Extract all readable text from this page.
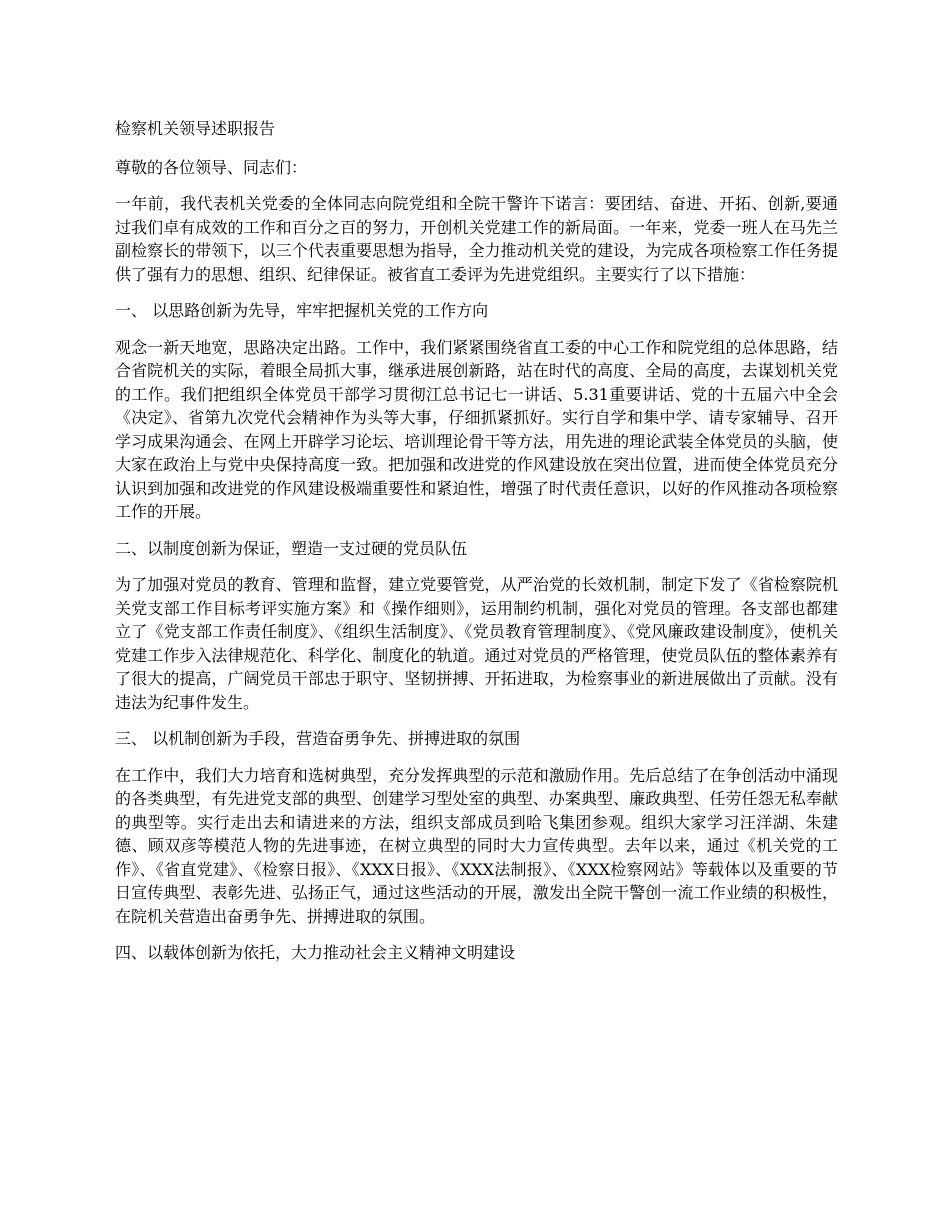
检察机关领导述职报告

尊敬的各位领导、同志们：

一年前，我代表机关党委的全体同志向院党组和全院干警许下诺言：要团结、奋进、开拓、创新,要通过我们卓有成效的工作和百分之百的努力，开创机关党建工作的新局面。一年来，党委一班人在马先兰副检察长的带领下，以三个代表重要思想为指导，全力推动机关党的建设，为完成各项检察工作任务提供了强有力的思想、组织、纪律保证。被省直工委评为先进党组织。主要实行了以下措施：

一、 以思路创新为先导，牢牢把握机关党的工作方向

观念一新天地宽，思路决定出路。工作中，我们紧紧围绕省直工委的中心工作和院党组的总体思路，结合省院机关的实际，着眼全局抓大事，继承进展创新路，站在时代的高度、全局的高度，去谋划机关党的工作。我们把组织全体党员干部学习贯彻江总书记七一讲话、5.31重要讲话、党的十五届六中全会《决定》、省第九次党代会精神作为头等大事，仔细抓紧抓好。实行自学和集中学、请专家辅导、召开学习成果沟通会、在网上开辟学习论坛、培训理论骨干等方法，用先进的理论武装全体党员的头脑，使大家在政治上与党中央保持高度一致。把加强和改进党的作风建设放在突出位置，进而使全体党员充分认识到加强和改进党的作风建设极端重要性和紧迫性，增强了时代责任意识，以好的作风推动各项检察工作的开展。

二、以制度创新为保证，塑造一支过硬的党员队伍

为了加强对党员的教育、管理和监督，建立党要管党，从严治党的长效机制，制定下发了《省检察院机关党支部工作目标考评实施方案》和《操作细则》，运用制约机制，强化对党员的管理。各支部也都建立了《党支部工作责任制度》、《组织生活制度》、《党员教育管理制度》、《党风廉政建设制度》，使机关党建工作步入法律规范化、科学化、制度化的轨道。通过对党员的严格管理，使党员队伍的整体素养有了很大的提高，广阔党员干部忠于职守、坚韧拼搏、开拓进取，为检察事业的新进展做出了贡献。没有违法为纪事件发生。

三、 以机制创新为手段，营造奋勇争先、拼搏进取的氛围

在工作中，我们大力培育和选树典型，充分发挥典型的示范和激励作用。先后总结了在争创活动中涌现的各类典型，有先进党支部的典型、创建学习型处室的典型、办案典型、廉政典型、任劳任怨无私奉献的典型等。实行走出去和请进来的方法，组织支部成员到哈飞集团参观。组织大家学习汪洋湖、朱建德、顾双彦等模范人物的先进事迹，在树立典型的同时大力宣传典型。去年以来，通过《机关党的工作》、《省直党建》、《检察日报》、《XXX日报》、《XXX法制报》、《XXX检察网站》等载体以及重要的节日宣传典型、表彰先进、弘扬正气，通过这些活动的开展，激发出全院干警创一流工作业绩的积极性，在院机关营造出奋勇争先、拼搏进取的氛围。

四、以载体创新为依托，大力推动社会主义精神文明建设
